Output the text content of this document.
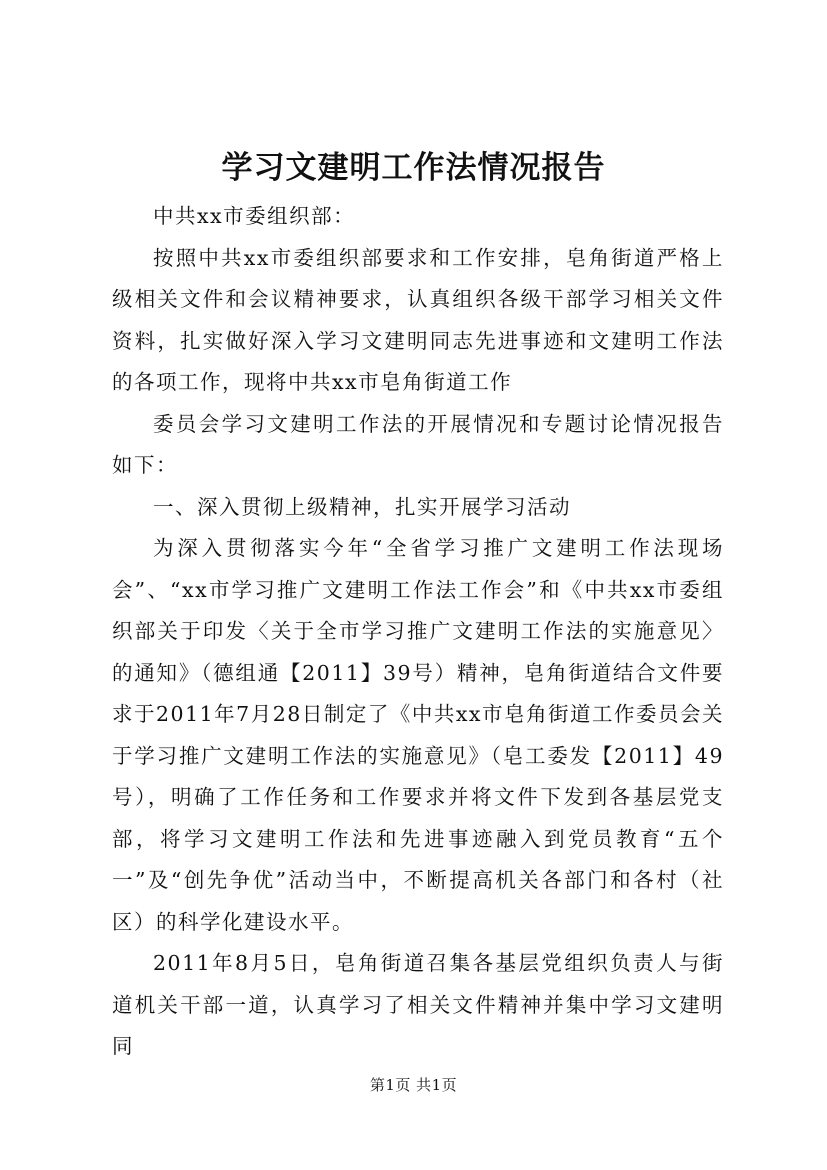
学习文建明工作法情况报告

中共xx市委组织部：

按照中共xx市委组织部要求和工作安排，皂角街道严格上级相关文件和会议精神要求，认真组织各级干部学习相关文件资料，扎实做好深入学习文建明同志先进事迹和文建明工作法的各项工作，现将中共xx市皂角街道工作

委员会学习文建明工作法的开展情况和专题讨论情况报告如下：

一、深入贯彻上级精神，扎实开展学习活动

为深入贯彻落实今年“全省学习推广文建明工作法现场会”、“xx市学习推广文建明工作法工作会”和《中共xx市委组织部关于印发〈关于全市学习推广文建明工作法的实施意见〉的通知》（德组通【2011】39号）精神，皂角街道结合文件要求于2011年7月28日制定了《中共xx市皂角街道工作委员会关于学习推广文建明工作法的实施意见》（皂工委发【2011】49号），明确了工作任务和工作要求并将文件下发到各基层党支部，将学习文建明工作法和先进事迹融入到党员教育“五个一”及“创先争优”活动当中，不断提高机关各部门和各村（社区）的科学化建设水平。

2011年8月5日，皂角街道召集各基层党组织负责人与街道机关干部一道，认真学习了相关文件精神并集中学习文建明同

第1页 共1页
